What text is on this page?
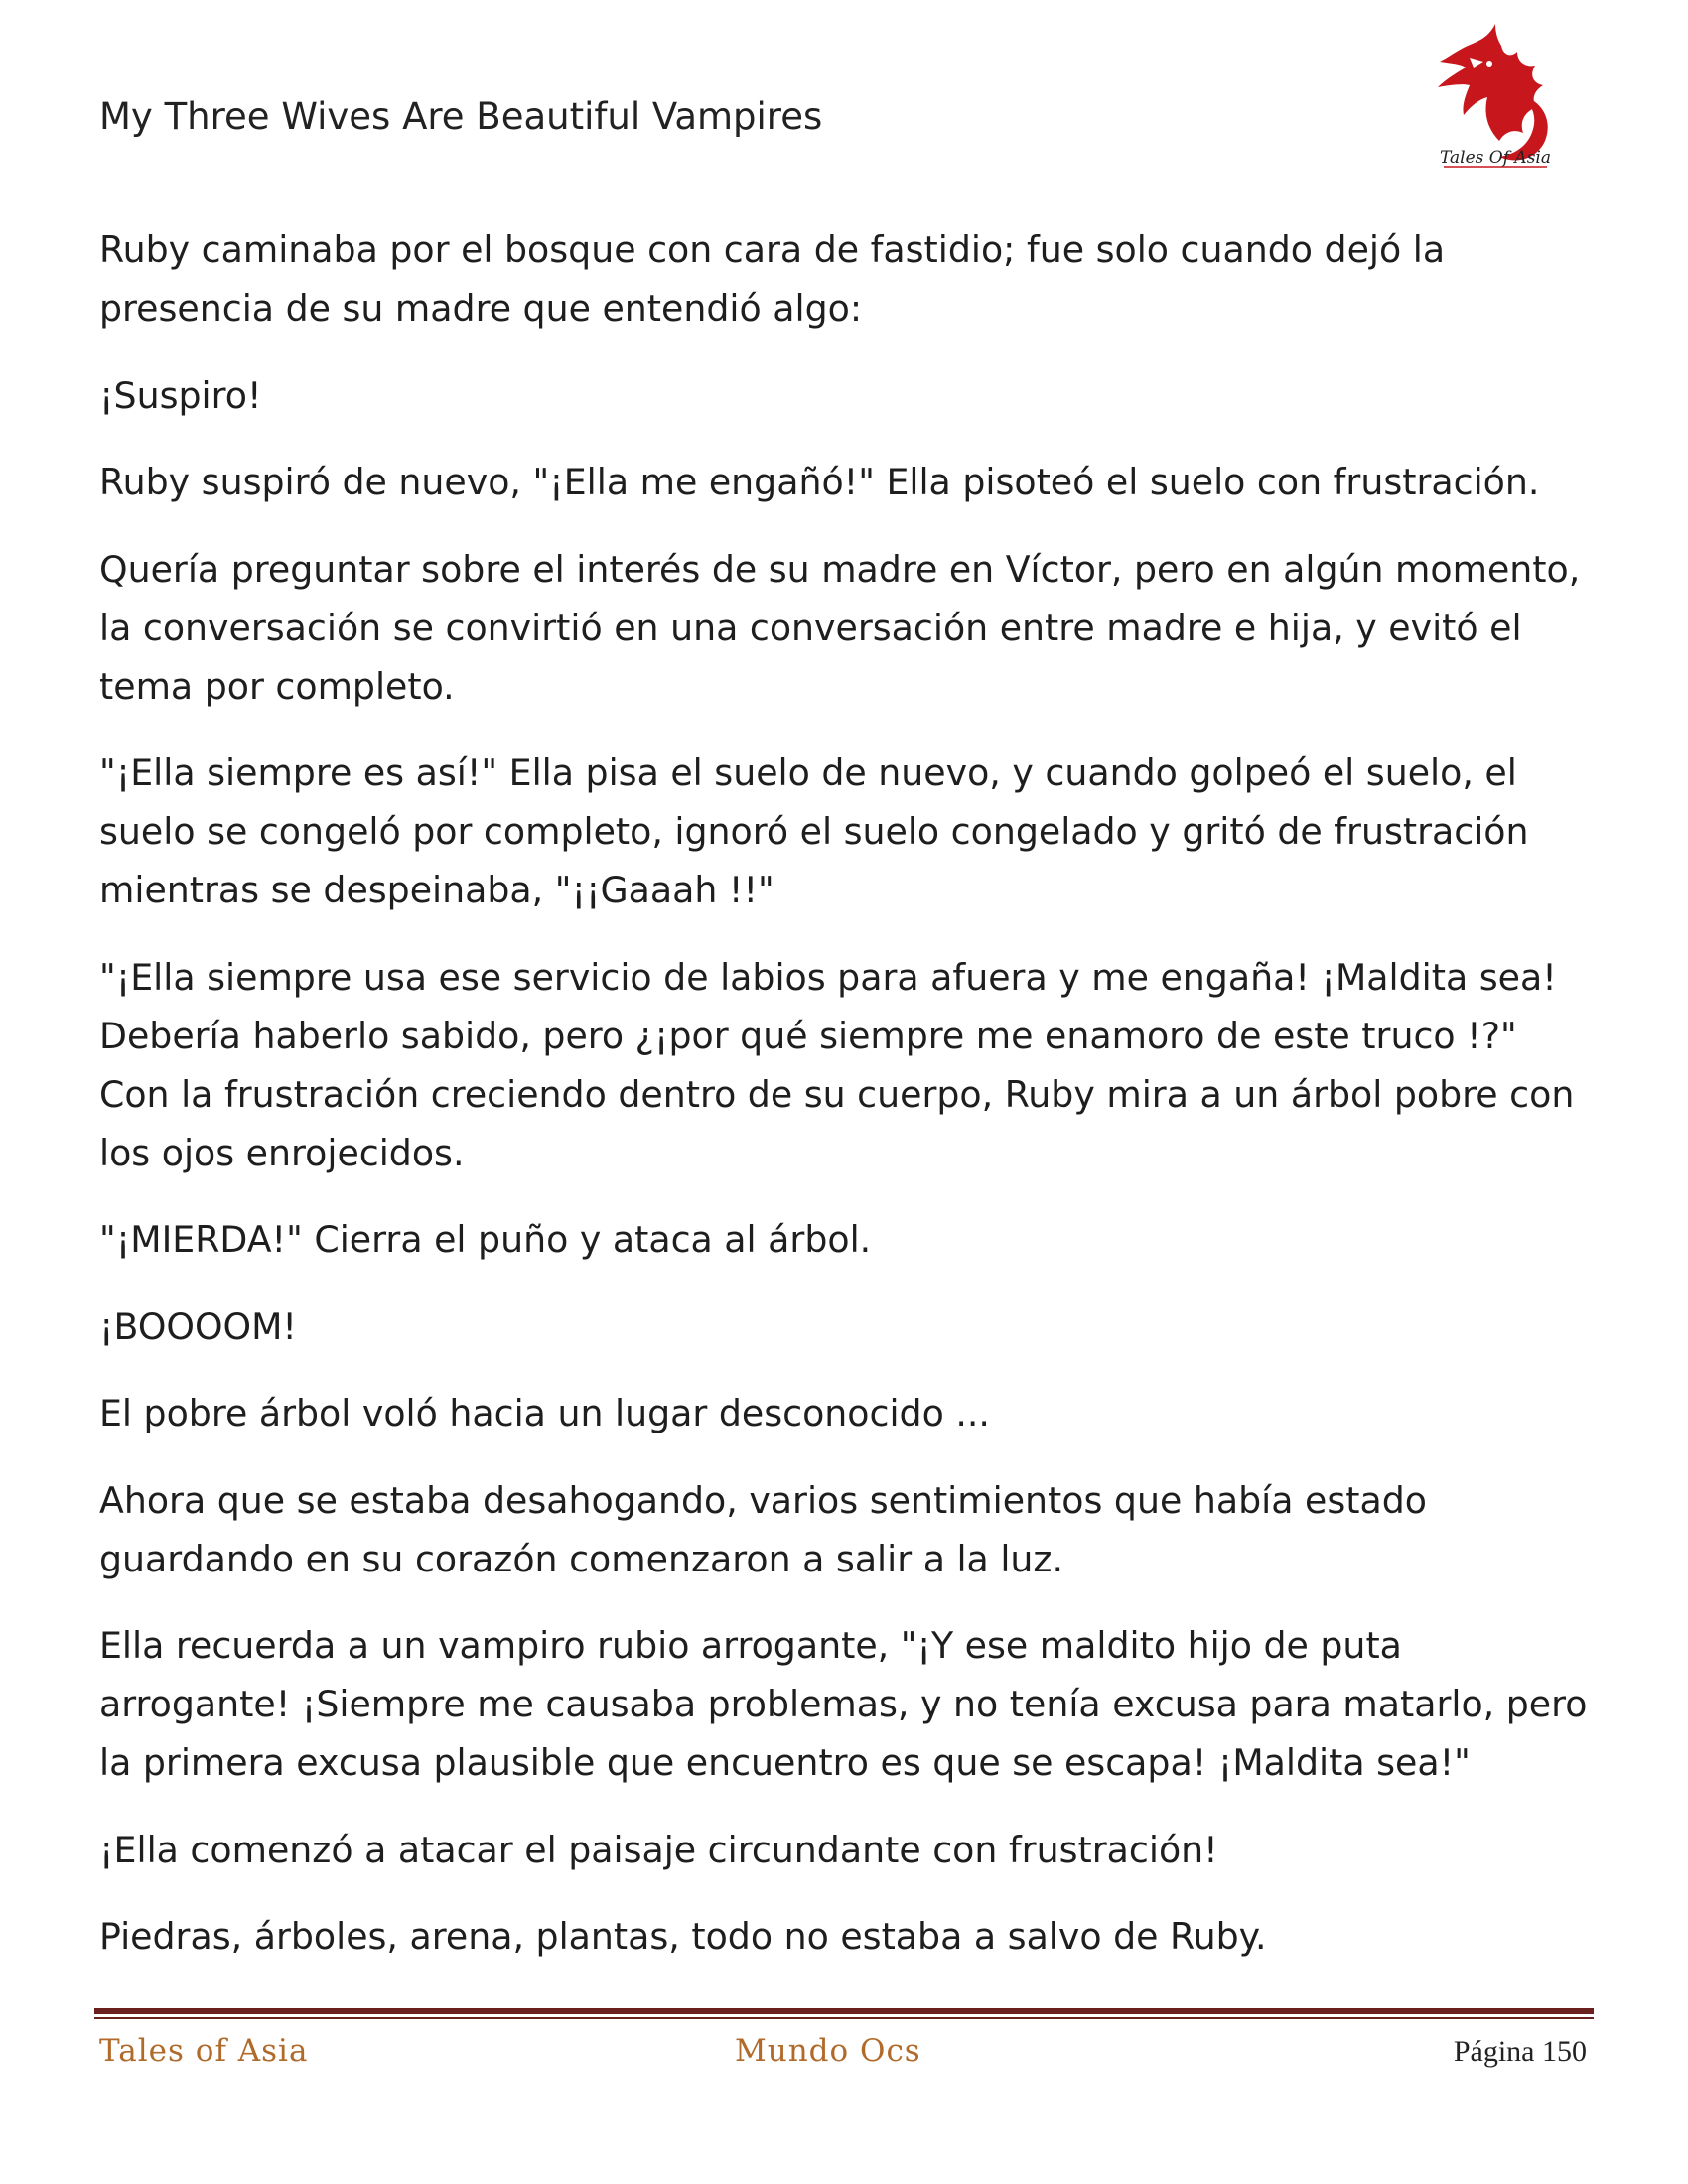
My Three Wives Are Beautiful Vampires
Tales Of Asia

Ruby caminaba por el bosque con cara de fastidio; fue solo cuando dejó la presencia de su madre que entendió algo:

¡Suspiro!

Ruby suspiró de nuevo, "¡Ella me engañó!" Ella pisoteó el suelo con frustración.

Quería preguntar sobre el interés de su madre en Víctor, pero en algún momento, la conversación se convirtió en una conversación entre madre e hija, y evitó el tema por completo.

"¡Ella siempre es así!" Ella pisa el suelo de nuevo, y cuando golpeó el suelo, el suelo se congeló por completo, ignoró el suelo congelado y gritó de frustración mientras se despeinaba, "¡¡Gaaah !!"

"¡Ella siempre usa ese servicio de labios para afuera y me engaña! ¡Maldita sea! Debería haberlo sabido, pero ¿¡por qué siempre me enamoro de este truco !?" Con la frustración creciendo dentro de su cuerpo, Ruby mira a un árbol pobre con los ojos enrojecidos.

"¡MIERDA!" Cierra el puño y ataca al árbol.

¡BOOOOM!

El pobre árbol voló hacia un lugar desconocido ...

Ahora que se estaba desahogando, varios sentimientos que había estado guardando en su corazón comenzaron a salir a la luz.

Ella recuerda a un vampiro rubio arrogante, "¡Y ese maldito hijo de puta arrogante! ¡Siempre me causaba problemas, y no tenía excusa para matarlo, pero la primera excusa plausible que encuentro es que se escapa! ¡Maldita sea!"

¡Ella comenzó a atacar el paisaje circundante con frustración!

Piedras, árboles, arena, plantas, todo no estaba a salvo de Ruby.

Tales of Asia	Mundo Ocs	Página 150
